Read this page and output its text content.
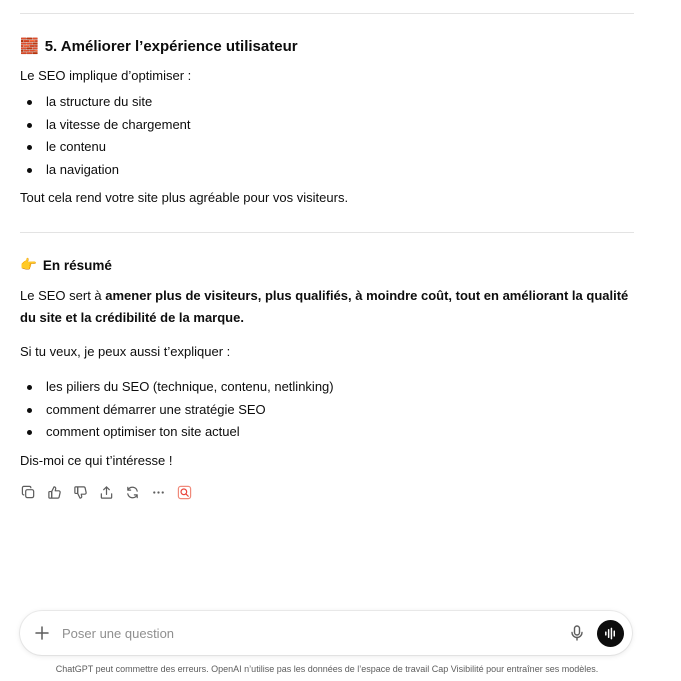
🧱 5. Améliorer l’expérience utilisateur
Le SEO implique d’optimiser :
la structure du site
la vitesse de chargement
le contenu
la navigation
Tout cela rend votre site plus agréable pour vos visiteurs.
👉 En résumé
Le SEO sert à amener plus de visiteurs, plus qualifiés, à moindre coût, tout en améliorant la qualité du site et la crédibilité de la marque.
Si tu veux, je peux aussi t’expliquer :
les piliers du SEO (technique, contenu, netlinking)
comment démarrer une stratégie SEO
comment optimiser ton site actuel
Dis-moi ce qui t’intéresse !
Poser une question
ChatGPT peut commettre des erreurs. OpenAI n’utilise pas les données de l’espace de travail Cap Visibilité pour entraîner ses modèles.
